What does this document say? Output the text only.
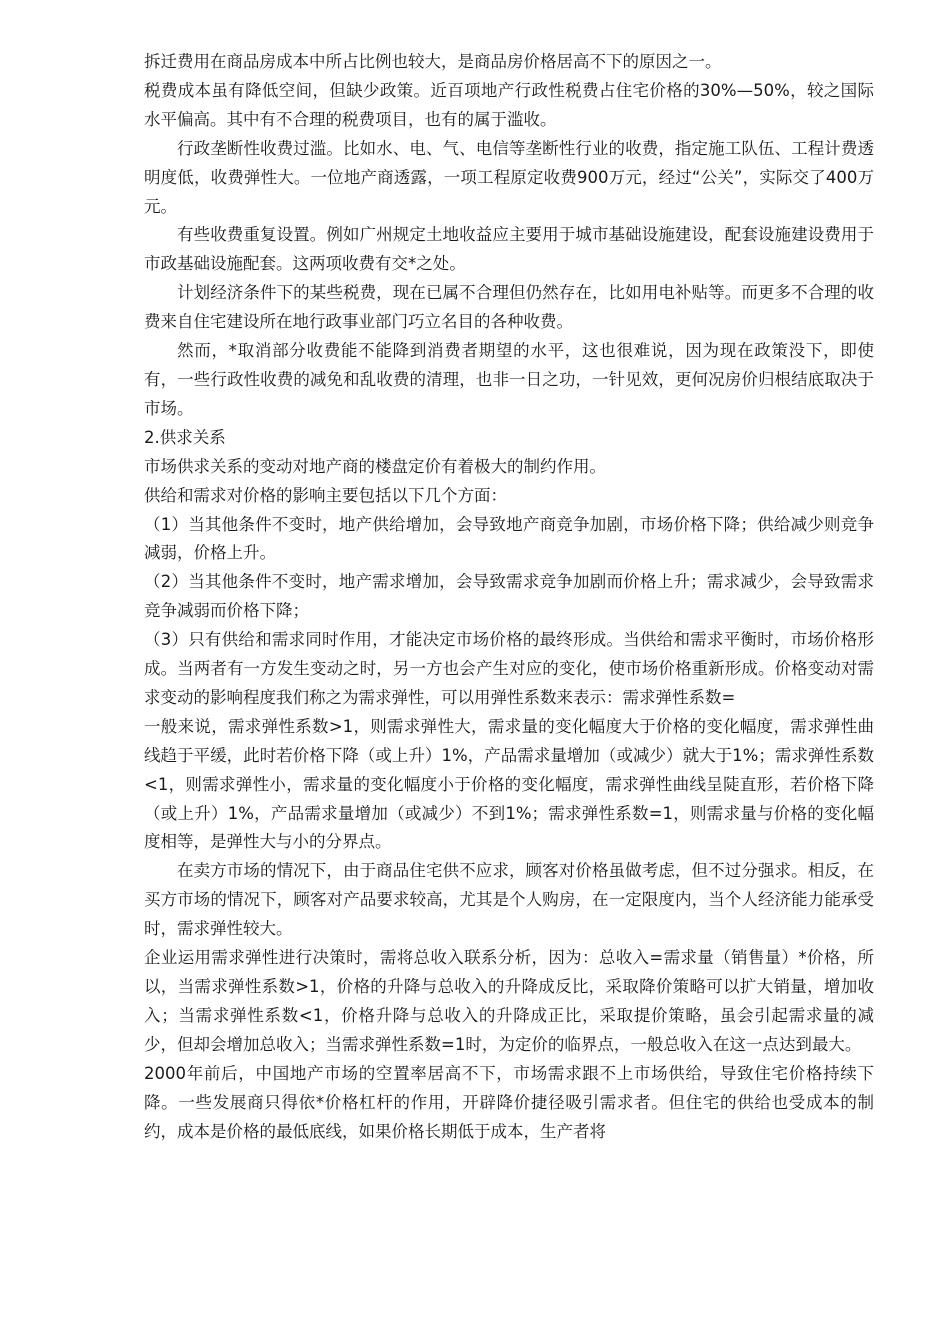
拆迁费用在商品房成本中所占比例也较大，是商品房价格居高不下的原因之一。

税费成本虽有降低空间，但缺少政策。近百项地产行政性税费占住宅价格的30%—50%，较之国际水平偏高。其中有不合理的税费项目，也有的属于滥收。

行政垄断性收费过滥。比如水、电、气、电信等垄断性行业的收费，指定施工队伍、工程计费透明度低，收费弹性大。一位地产商透露，一项工程原定收费900万元，经过“公关”，实际交了400万元。

有些收费重复设置。例如广州规定土地收益应主要用于城市基础设施建设，配套设施建设费用于市政基础设施配套。这两项收费有交*之处。

计划经济条件下的某些税费，现在已属不合理但仍然存在，比如用电补贴等。而更多不合理的收费来自住宅建设所在地行政事业部门巧立名目的各种收费。

然而，*取消部分收费能不能降到消费者期望的水平，这也很难说，因为现在政策没下，即使有，一些行政性收费的减免和乱收费的清理，也非一日之功，一针见效，更何况房价归根结底取决于市场。

2.供求关系

市场供求关系的变动对地产商的楼盘定价有着极大的制约作用。

供给和需求对价格的影响主要包括以下几个方面：

（1）当其他条件不变时，地产供给增加，会导致地产商竞争加剧，市场价格下降；供给减少则竞争减弱，价格上升。

（2）当其他条件不变时，地产需求增加，会导致需求竞争加剧而价格上升；需求减少，会导致需求竞争减弱而价格下降；

（3）只有供给和需求同时作用，才能决定市场价格的最终形成。当供给和需求平衡时，市场价格形成。当两者有一方发生变动之时，另一方也会产生对应的变化，使市场价格重新形成。价格变动对需求变动的影响程度我们称之为需求弹性，可以用弹性系数来表示：需求弹性系数=

一般来说，需求弹性系数>1，则需求弹性大，需求量的变化幅度大于价格的变化幅度，需求弹性曲线趋于平缓，此时若价格下降（或上升）1%，产品需求量增加（或减少）就大于1%；需求弹性系数<1，则需求弹性小，需求量的变化幅度小于价格的变化幅度，需求弹性曲线呈陡直形，若价格下降（或上升）1%，产品需求量增加（或减少）不到1%；需求弹性系数=1，则需求量与价格的变化幅度相等，是弹性大与小的分界点。

在卖方市场的情况下，由于商品住宅供不应求，顾客对价格虽做考虑，但不过分强求。相反，在买方市场的情况下，顾客对产品要求较高，尤其是个人购房，在一定限度内，当个人经济能力能承受时，需求弹性较大。

企业运用需求弹性进行决策时，需将总收入联系分析，因为：总收入=需求量（销售量）*价格，所以，当需求弹性系数>1，价格的升降与总收入的升降成反比，采取降价策略可以扩大销量，增加收入；当需求弹性系数<1，价格升降与总收入的升降成正比，采取提价策略，虽会引起需求量的减少，但却会增加总收入；当需求弹性系数=1时，为定价的临界点，一般总收入在这一点达到最大。

2000年前后，中国地产市场的空置率居高不下，市场需求跟不上市场供给，导致住宅价格持续下降。一些发展商只得依*价格杠杆的作用，开辟降价捷径吸引需求者。但住宅的供给也受成本的制约，成本是价格的最低底线，如果价格长期低于成本，生产者将
